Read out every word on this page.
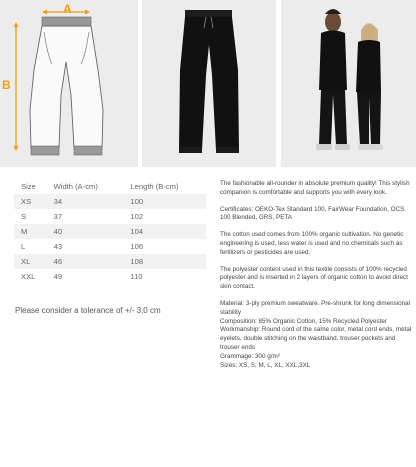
A
B
Size	Width (A-cm)	Length (B-cm)
XS	34	100
S	37	102
M	40	104
L	43	106
XL	46	108
XXL	49	110
Please consider a tolerance of +/- 3,0 cm

The fashionable all-rounder in absolute premium quality! This stylish companion is comfortable and supports you with every look.

Certificates: OEKO-Tex Standard 100, FairWear Foundation, OCS 100 Blended, GRS, PETA

The cotton used comes from 100% organic cultivation. No genetic engineering is used, less water is used and no chemicals such as fertilizers or pesticides are used.

The polyester content used in this textile consists of 100% recycled polyester and is inserted in 2 layers of organic cotton to avoid direct skin contact.

Material: 3-ply premium sweatware. Pre-shrunk for long dimensional stability

Composition: 85% Organic Cotton, 15% Recycled Polyester

Workmanship: Round cord of the same color, metal cord ends, metal eyelets, double stitching on the waistband, trouser pockets and trouser ends

Grammage: 300 g/m²

Sizes: XS, S, M, L, XL, XXL,3XL
